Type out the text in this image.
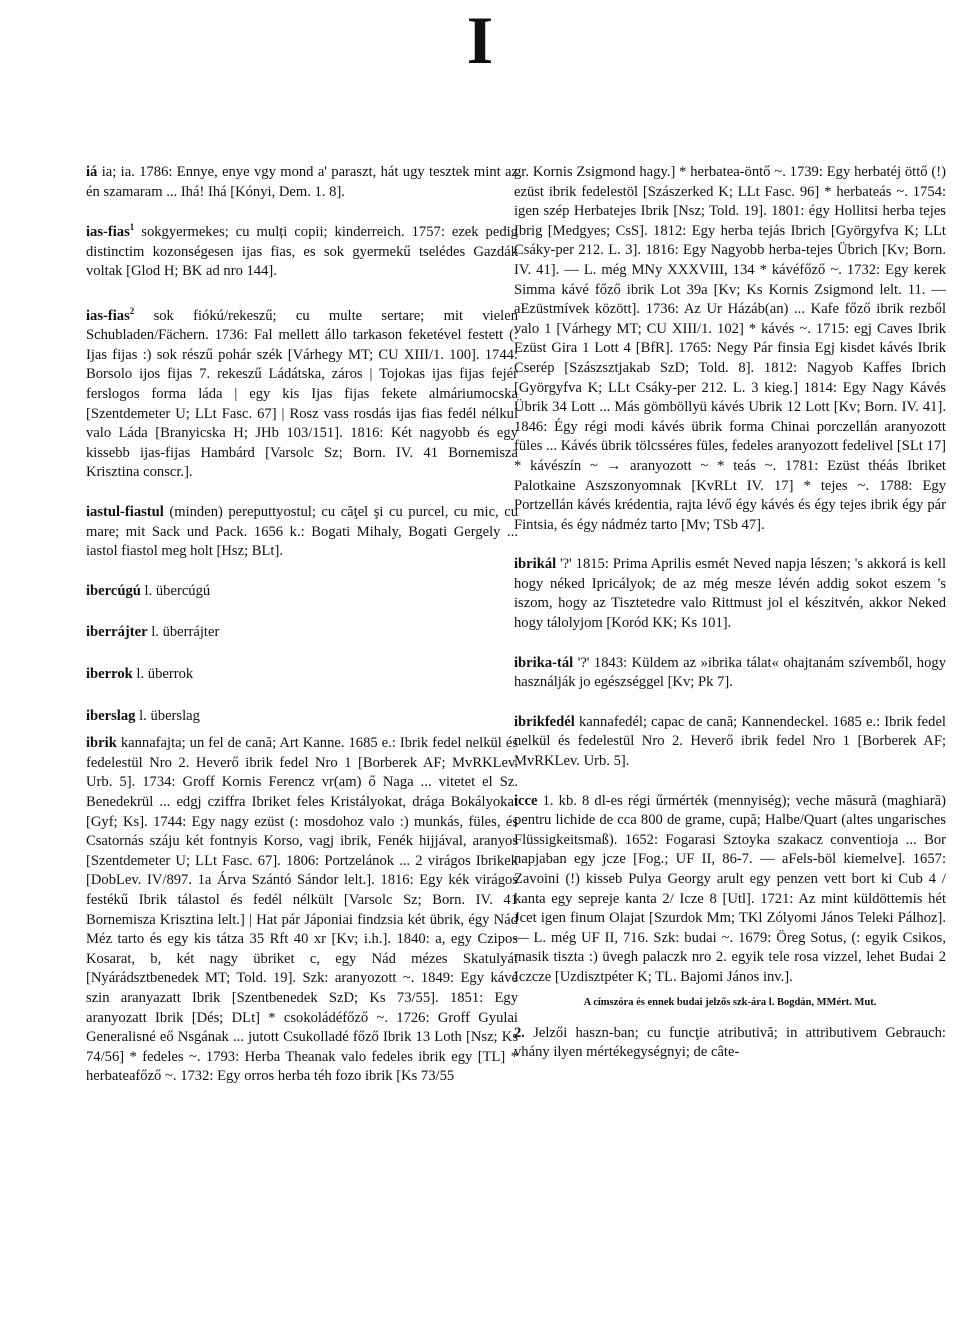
I
iá ia; ia. 1786: Ennye, enye vgy mond a' paraszt, hát ugy tesztek mint az én szamaram ... Ihá! Ihá [Kónyi, Dem. 1. 8].
ias-fias$^1$ sokgyermekes; cu mulți copii; kinderreich. 1757: ezek pedig distinctim kozonségesen ijas fias, es sok gyermekű tselédes Gazdák voltak [Glod H; BK ad nro 144].
ias-fias$^2$ sok fiókú/rekeszű; cu multe sertare; mit vielen Schubladen/Fächern. 1736: Fal mellett állo tarkason feketével festett (: Ijas fijas :) sok részű pohár szék [Várhegy MT; CU XIII/1. 100]. 1744: Borsolo ijos fijas 7. rekeszű Ládátska, záros | Tojokas ijas fijas fejér ferslogos forma láda | egy kis Ijas fijas fekete almáriumocska [Szentdemeter U; LLt Fasc. 67] | Rosz vass rosdás ijas fias fedél nélkul valo Láda [Branyicska H; JHb 103/151]. 1816: Két nagyobb és egy kissebb ijas-fijas Hambárd [Varsolc Sz; Born. IV. 41 Bornemisza Krisztina conscr.].
iastul-fiastul (minden) pereputtyostul; cu căţel şi cu purcel, cu mic, cu mare; mit Sack und Pack. 1656 k.: Bogati Mihaly, Bogati Gergely ... iastol fiastol meg holt [Hsz; BLt].
ibercúgú l. übercúgú
iberrájter l. überrájter
iberrok l. überrok
iberslag l. überslag
ibrik kannafajta; un fel de cană; Art Kanne. 1685 e.: Ibrik fedel nelkül és fedelestül Nro 2. Heverő ibrik fedel Nro 1 [Borberek AF; MvRKLev. Urb. 5]. 1734: Groff Kornis Ferencz vr(am) ő Naga ... vitetet el Sz. Benedekrül ... edgj cziffra Ibriket feles Kristályokat, drága Bokályokat [Gyf; Ks]. 1744: Egy nagy ezüst (: mosdohoz valo :) munkás, füles, és Csatornás száju két fontnyis Korso, vagj ibrik, Fenék hijjával, aranyos [Szentdemeter U; LLt Fasc. 67]. 1806: Portzelánok ... 2 virágos Ibrikek [DobLev. IV/897. 1a Árva Szántó Sándor lelt.]. 1816: Egy kék virágos festékű Ibrik tálastol és fedél nélkült [Varsolc Sz; Born. IV. 41 Bornemisza Krisztina lelt.] | Hat pár Jáponiai findzsia két übrik, égy Nád Méz tarto és egy kis tátza 35 Rft 40 xr [Kv; i.h.]. 1840: a, egy Czipos Kosarat, b, két nagy übriket c, egy Nád mézes Skatulyát [Nyárádsztbenedek MT; Told. 19]. Szk: aranyozott ~. 1849: Egy kávé szin aranyazatt Ibrik [Szentbenedek SzD; Ks 73/55]. 1851: Egy aranyozatt Ibrik [Dés; DLt] * csokoládéfőző ~. 1726: Groff Gyulai Generalisné eő Nsgának ... jutott Csukolladé főző Ibrik 13 Loth [Nsz; Ks 74/56] * fedeles ~. 1793: Herba Theanak valo fedeles ibrik egy [TL] * herbateafőző ~. 1732: Egy orros herba téh fozo ibrik [Ks 73/55
gr. Kornis Zsigmond hagy.] * herbatea-öntő ~. 1739: Egy herbatéj öttő (!) ezüst ibrik fedelestöl [Szászerked K; LLt Fasc. 96] * herbateás ~. 1754: igen szép Herbatejes Ibrik [Nsz; Told. 19]. 1801: égy Hollitsi herba tejes Ibrig [Medgyes; CsS]. 1812: Egy herba tejás Ibrich [Györgyfva K; LLt Csáky-per 212. L. 3]. 1816: Egy Nagyobb herba-tejes Übrich [Kv; Born. IV. 41]. — L. még MNy XXXVIII, 134 * kávéfőző ~. 1732: Egy kerek Simma kávé főző ibrik Lot 39a [Kv; Ks Kornis Zsigmond lelt. 11. — aEzüstmívek között]. 1736: Az Ur Házáb(an) ... Kafe főző ibrik rezből valo 1 [Várhegy MT; CU XIII/1. 102] * kávés ~. 1715: egj Caves Ibrik Ezüst Gira 1 Lott 4 [BfR]. 1765: Negy Pár finsia Egj kisdet kávés Ibrik Cserép [Szászsztjakab SzD; Told. 8]. 1812: Nagyob Kaffes Ibrich [Györgyfva K; LLt Csáky-per 212. L. 3 kieg.] 1814: Egy Nagy Kávés Übrik 34 Lott ... Más gömböllyü kávés Ubrik 12 Lott [Kv; Born. IV. 41]. 1846: Égy régi modi kávés übrik forma Chinai porczellán aranyozott füles ... Kávés übrik tölcsséres füles, fedeles aranyozott fedelivel [SLt 17] * kávészín ~ → aranyozott ~ * teás ~. 1781: Ezüst théás Ibriket Palotkaine Aszszonyomnak [KvRLt IV. 17] * tejes ~. 1788: Egy Portzellán kávés krédentia, rajta lévő égy kávés és égy tejes ibrik égy pár Fintsia, és égy nádméz tarto [Mv; TSb 47].
ibrikál '?' 1815: Prima Aprilis esmét Neved napja lészen; 's akkorá is kell hogy néked Ipricályok; de az még mesze lévén addig sokot eszem 's iszom, hogy az Tisztetedre valo Rittmust jol el készitvén, akkor Neked hogy tálolyjom [Koród KK; Ks 101].
ibrika-tál '?' 1843: Küldem az »ibrika tálat« ohajtanám szívemből, hogy használják jo egészséggel [Kv; Pk 7].
ibrikfedél kannafedél; capac de cană; Kannendeckel. 1685 e.: Ibrik fedel nelkül és fedelestül Nro 2. Heverő ibrik fedel Nro 1 [Borberek AF; MvRKLev. Urb. 5].
icce 1. kb. 8 dl-es régi űrmérték (mennyiség); veche măsură (maghiară) pentru lichide de cca 800 de grame, cupă; Halbe/Quart (altes ungarisches Flüssigkeitsmaß). 1652: Fogarasi Sztoyka szakacz conventioja ... Bor napjaban egy jcze [Fog.; UF II, 86-7. — aFels-böl kiemelve]. 1657: Zavoini (!) kisseb Pulya Georgy arult egy penzen vett bort ki Cub 4 / kanta egy sepreje kanta 2/ Icze 8 [Utl]. 1721: Az mint küldöttemis hét Jcet igen finum Olajat [Szurdok Mm; TKl Zólyomi János Teleki Pálhoz]. — L. még UF II, 716. Szk: budai ~. 1679: Öreg Sotus, (: egyik Csikos, masik tiszta :) üvegh palaczk nro 2. egyik tele rosa vizzel, lehet Budai 2 Iczcze [Uzdisztpéter K; TL. Bajomi János inv.].
A címszóra és ennek budai jelzős szk-ára l. Bogdán, MMért. Mut.
2. Jelzői haszn-ban; cu funcţie atributivă; in attributivem Gebrauch: vhány ilyen mértékegységnyi; de câte-
